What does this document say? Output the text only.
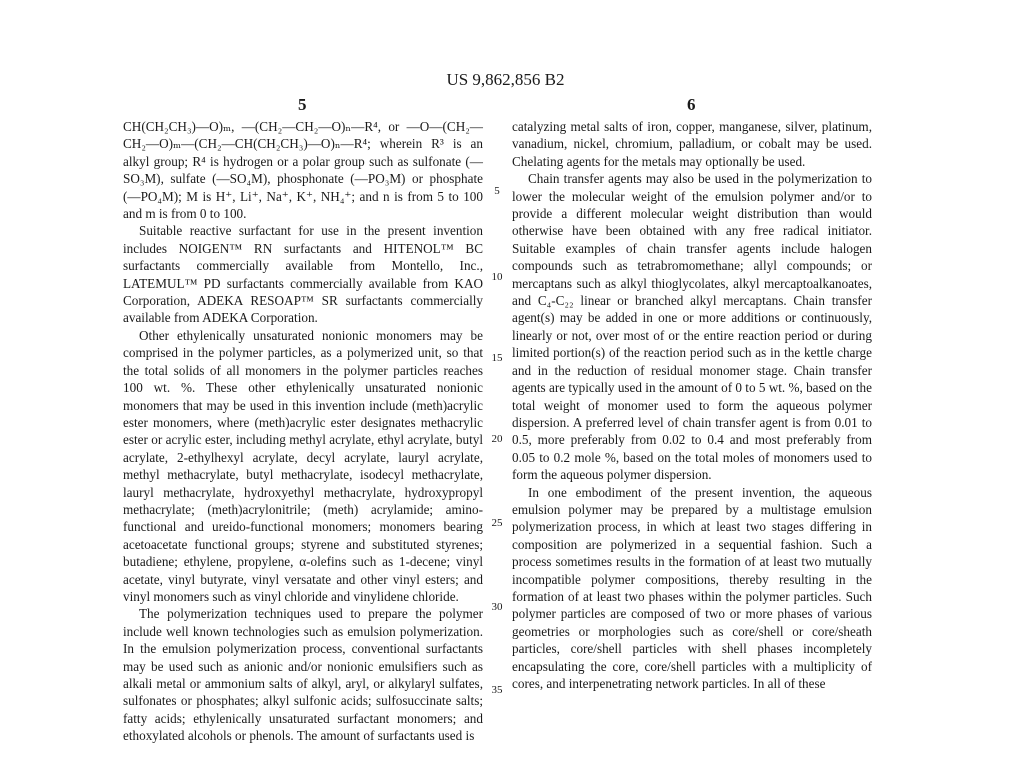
US 9,862,856 B2
5	6

CH(CH₂CH₃)—O)ₘ, —(CH₂—CH₂—O)ₙ—R⁴, or —O—(CH₂—CH₂—O)ₘ—(CH₂—CH(CH₂CH₃)—O)ₙ—R⁴; wherein R³ is an alkyl group; R⁴ is hydrogen or a polar group such as sulfonate (—SO₃M), sulfate (—SO₄M), phosphonate (—PO₃M) or phosphate (—PO₄M); M is H⁺, Li⁺, Na⁺, K⁺, NH₄⁺; and n is from 5 to 100 and m is from 0 to 100.

Suitable reactive surfactant for use in the present invention includes NOIGEN™ RN surfactants and HITENOL™ BC surfactants commercially available from Montello, Inc., LATEMUL™ PD surfactants commercially available from KAO Corporation, ADEKA RESOAP™ SR surfactants commercially available from ADEKA Corporation.

Other ethylenically unsaturated nonionic monomers may be comprised in the polymer particles, as a polymerized unit, so that the total solids of all monomers in the polymer particles reaches 100 wt. %. These other ethylenically unsaturated nonionic monomers that may be used in this invention include (meth)acrylic ester monomers, where (meth)acrylic ester designates methacrylic ester or acrylic ester, including methyl acrylate, ethyl acrylate, butyl acrylate, 2-ethylhexyl acrylate, decyl acrylate, lauryl acrylate, methyl methacrylate, butyl methacrylate, isodecyl methacrylate, lauryl methacrylate, hydroxyethyl methacrylate, hydroxypropyl methacrylate; (meth)acrylonitrile; (meth) acrylamide; amino-functional and ureido-functional monomers; monomers bearing acetoacetate functional groups; styrene and substituted styrenes; butadiene; ethylene, propylene, α-olefins such as 1-decene; vinyl acetate, vinyl butyrate, vinyl versatate and other vinyl esters; and vinyl monomers such as vinyl chloride and vinylidene chloride.

The polymerization techniques used to prepare the polymer include well known technologies such as emulsion polymerization. In the emulsion polymerization process, conventional surfactants may be used such as anionic and/or nonionic emulsifiers such as alkali metal or ammonium salts of alkyl, aryl, or alkylaryl sulfates, sulfonates or phosphates; alkyl sulfonic acids; sulfosuccinate salts; fatty acids; ethylenically unsaturated surfactant monomers; and ethoxylated alcohols or phenols. The amount of surfactants used is

catalyzing metal salts of iron, copper, manganese, silver, platinum, vanadium, nickel, chromium, palladium, or cobalt may be used. Chelating agents for the metals may optionally be used.

Chain transfer agents may also be used in the polymerization to lower the molecular weight of the emulsion polymer and/or to provide a different molecular weight distribution than would otherwise have been obtained with any free radical initiator. Suitable examples of chain transfer agents include halogen compounds such as tetrabromomethane; allyl compounds; or mercaptans such as alkyl thioglycolates, alkyl mercaptoalkanoates, and C₄-C₂₂ linear or branched alkyl mercaptans. Chain transfer agent(s) may be added in one or more additions or continuously, linearly or not, over most of or the entire reaction period or during limited portion(s) of the reaction period such as in the kettle charge and in the reduction of residual monomer stage. Chain transfer agents are typically used in the amount of 0 to 5 wt. %, based on the total weight of monomer used to form the aqueous polymer dispersion. A preferred level of chain transfer agent is from 0.01 to 0.5, more preferably from 0.02 to 0.4 and most preferably from 0.05 to 0.2 mole %, based on the total moles of monomers used to form the aqueous polymer dispersion.

In one embodiment of the present invention, the aqueous emulsion polymer may be prepared by a multistage emulsion polymerization process, in which at least two stages differing in composition are polymerized in a sequential fashion. Such a process sometimes results in the formation of at least two mutually incompatible polymer compositions, thereby resulting in the formation of at least two phases within the polymer particles. Such polymer particles are composed of two or more phases of various geometries or morphologies such as core/shell or core/sheath particles, core/shell particles with shell phases incompletely encapsulating the core, core/shell particles with a multiplicity of cores, and interpenetrating network particles. In all of these

5
10
15
20
25
30
35
